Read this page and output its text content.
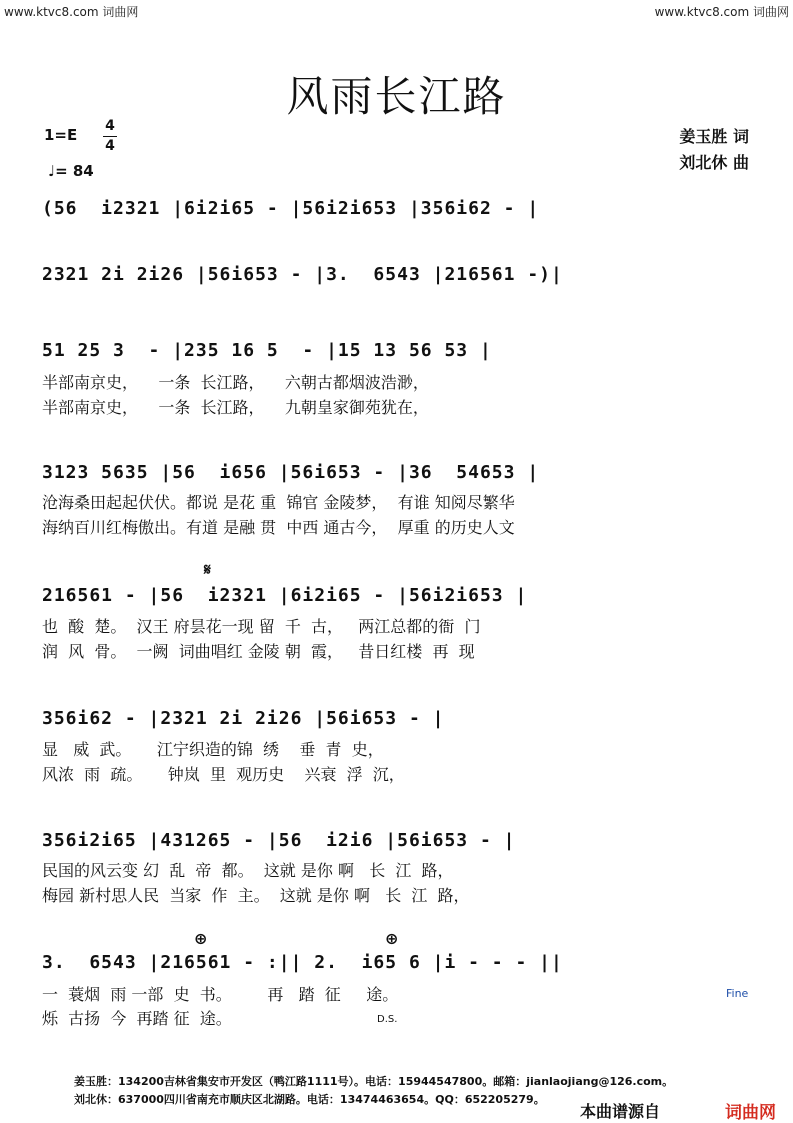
www.ktvc8.com 词曲网	www.ktvc8.com 词曲网
风雨长江路
1=E 4
4
♩= 84
姜玉胜 词
刘北休 曲
(56  i2321 |6i2i65 - |56i2i653 |356i62 - |
2321 2i 2i26 |56i653 - |3.  6543 |216561 -)|
51 25 3  - |235 16 5  - |15 13 56 53 |
半部南京史，    一条  长江路，    六朝古都烟波浩渺，
半部南京史，    一条  长江路，    九朝皇家御苑犹在，
3123 5635 |56  i656 |56i653 - |36  54653 |
沧海桑田起起伏伏。都说 是花 重  锦官 金陵梦，  有谁 知阅尽繁华
海纳百川红梅傲出。有道 是融 贯  中西 通古今，  厚重 的历史人文
𝄋
216561 - |56  i2321 |6i2i65 - |56i2i653 |
也  酸  楚。  汉王 府昙花一现 留  千  古，   两江总都的衙  门
润  风  骨。  一阙  词曲唱红 金陵 朝  霞，   昔日红楼  再  现
356i62 - |2321 2i 2i26 |56i653 - |
显   威  武。     江宁织造的锦  绣    垂  青  史，
风浓  雨  疏。     钟岚  里  观历史    兴衰  浮  沉，
356i2i65 |431265 - |56  i2i6 |56i653 - |
民国的风云变 幻  乱  帝  都。  这就 是你 啊   长  江  路，
梅园 新村思人民  当家  作  主。  这就 是你 啊   长  江  路，
⊕	⊕
3.  6543 |216561 - :|| 2.  i65 6 |i - - - ||
一  蓑烟  雨 一部  史  书。       再   踏  征     途。
烁  古扬  今  再踏 征  途。
Fine
D.S.
姜玉胜：134200吉林省集安市开发区（鸭江路1111号）。电话：15944547800。邮箱：jianlaojiang@126.com。
刘北休：637000四川省南充市顺庆区北湖路。电话：13474463654。QQ：652205279。
本曲谱源自	词曲网
